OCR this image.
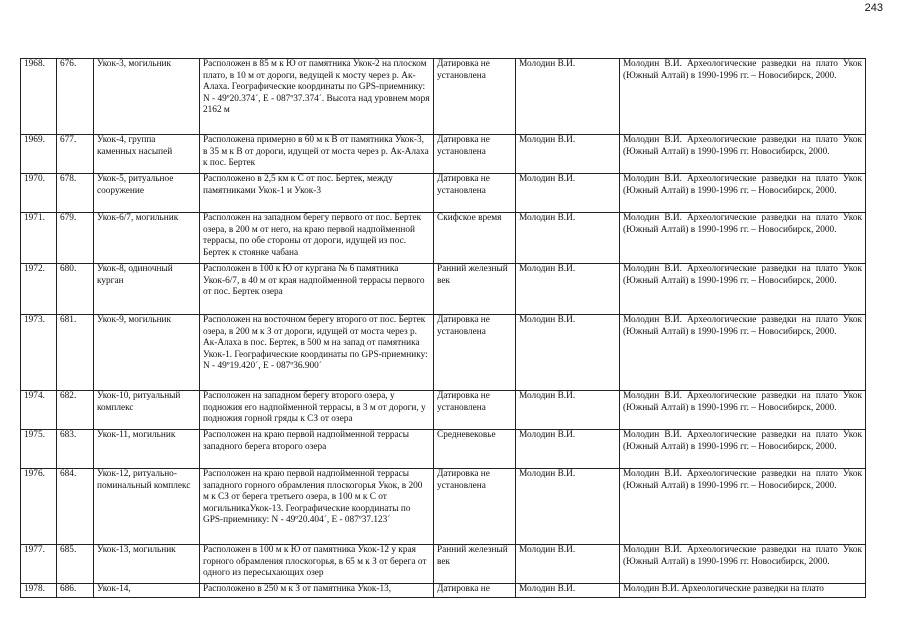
243
1968.	676.	Укок-3, могильник	Расположен в 85 м к Ю от памятника Укок-2 на плоском плато, в 10 м от дороги, ведущей к мосту через р. Ак-Алаха. Географические координаты по GPS-приемнику: N - 49º20.374´, E - 087º37.374´. Высота над уровнем моря 2162 м	Датировка не установлена	Молодин В.И.	Молодин В.И. Археологические разведки на плато Укок (Южный Алтай) в 1990-1996 гг. – Новосибирск, 2000.
1969.	677.	Укок-4, группа каменных насыпей	Расположена примерно в 60 м к В от памятника Укок-3, в 35 м к В от дороги, идущей от моста через р. Ак-Алаха к пос. Бертек	Датировка не установлена	Молодин В.И.	Молодин В.И. Археологические разведки на плато Укок (Южный Алтай) в 1990-1996 гг. Новосибирск, 2000.
1970.	678.	Укок-5, ритуальное сооружение	Расположено в 2,5 км к С от пос. Бертек, между памятниками Укок-1 и Укок-3	Датировка не установлена	Молодин В.И.	Молодин В.И. Археологические разведки на плато Укок (Южный Алтай) в 1990-1996 гг. – Новосибирск, 2000.
1971.	679.	Укок-6/7, могильник	Расположен на западном берегу первого от пос. Бертек озера, в 200 м от него, на краю первой надпойменной террасы, по обе стороны от дороги, идущей из пос. Бертек к стоянке чабана	Скифское время	Молодин В.И.	Молодин В.И. Археологические разведки на плато Укок (Южный Алтай) в 1990-1996 гг. – Новосибирск, 2000.
1972.	680.	Укок-8, одиночный курган	Расположен в 100 к Ю от кургана № 6 памятника Укок-6/7, в 40 м от края надпойменной террасы первого от пос. Бертек озера	Ранний железный век	Молодин В.И.	Молодин В.И. Археологические разведки на плато Укок (Южный Алтай) в 1990-1996 гг. – Новосибирск, 2000.
1973.	681.	Укок-9, могильник	Расположен на восточном берегу второго от пос. Бертек озера, в 200 м к З от дороги, идущей от моста через р. Ак-Алаха в пос. Бертек, в 500 м на запад от памятника Укок-1. Географические координаты по GPS-приемнику: N - 49º19.420´, E - 087º36.900´	Датировка не установлена	Молодин В.И.	Молодин В.И. Археологические разведки на плато Укок (Южный Алтай) в 1990-1996 гг. – Новосибирск, 2000.
1974.	682.	Укок-10, ритуальный комплекс	Расположен на западном берегу второго озера, у подножия его надпойменной террасы, в 3 м от дороги, у подножия горной гряды к СЗ от озера	Датировка не установлена	Молодин В.И.	Молодин В.И. Археологические разведки на плато Укок (Южный Алтай) в 1990-1996 гг. – Новосибирск, 2000.
1975.	683.	Укок-11, могильник	Расположен на краю первой надпойменной террасы западного берега второго озера	Средневековье	Молодин В.И.	Молодин В.И. Археологические разведки на плато Укок (Южный Алтай) в 1990-1996 гг. – Новосибирск, 2000.
1976.	684.	Укок-12, ритуально-поминальный комплекс	Расположен на краю первой надпойменной террасы западного горного обрамления плоскогорья Укок, в 200 м к СЗ от берега третьего озера, в 100 м к С от могильникаУкок-13. Географические координаты по GPS-приемнику: N - 49º20.404´, E - 087º37.123´	Датировка не установлена	Молодин В.И.	Молодин В.И. Археологические разведки на плато Укок (Южный Алтай) в 1990-1996 гг. – Новосибирск, 2000.
1977.	685.	Укок-13, могильник	Расположен в 100 м к Ю от памятника Укок-12 у края горного обрамления плоскогорья, в 65 м к З от берега от одного из пересыхающих озер	Ранний железный век	Молодин В.И.	Молодин В.И. Археологические разведки на плато Укок (Южный Алтай) в 1990-1996 гг. Новосибирск, 2000.
1978.	686.	Укок-14,	Расположено в 250 м к З от памятника Укок-13,	Датировка не	Молодин В.И.	Молодин В.И. Археологические разведки на плато
